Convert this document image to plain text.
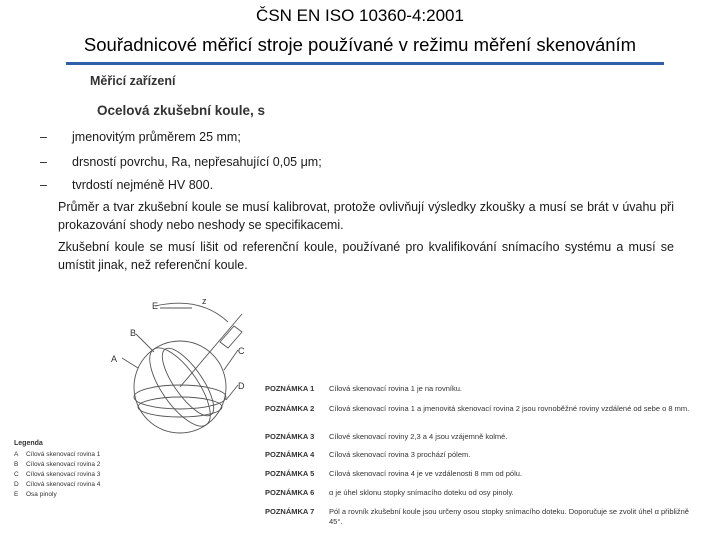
ČSN EN ISO 10360-4:2001
Souřadnicové měřicí stroje používané v režimu měření skenováním
Měřicí zařízení
Ocelová zkušební koule, s
– jmenovitým průměrem 25 mm;
– drsností povrchu, Ra, nepřesahující 0,05 μm;
– tvrdostí nejméně HV 800.
Průměr a tvar zkušební koule se musí kalibrovat, protože ovlivňují výsledky zkoušky a musí se brát v úvahu při prokazování shody nebo neshody se specifikacemi.
Zkušební koule se musí lišit od referenční koule, používané pro kvalifikování snímacího systému a musí se umístit jinak, než referenční koule.
E	z
B
A
C
D
Legenda
A Cílová skenovací rovina 1
B Cílová skenovací rovina 2
C Cílová skenovací rovina 3
D Cílová skenovací rovina 4
E Osa pinoly
POZNÁMKA 1	Cílová skenovací rovina 1 je na rovníku.
POZNÁMKA 2	Cílová skenovací rovina 1 a jmenovitá skenovací rovina 2 jsou rovnoběžné roviny vzdálené od sebe o 8 mm.
POZNÁMKA 3	Cílové skenovací roviny 2,3 a 4 jsou vzájemně kolmé.
POZNÁMKA 4	Cílová skenovací rovina 3 prochází pólem.
POZNÁMKA 5	Cílová skenovací rovina 4 je ve vzdálenosti 8 mm od pólu.
POZNÁMKA 6	α je úhel sklonu stopky snímacího doteku od osy pinoly.
POZNÁMKA 7	Pól a rovník zkušební koule jsou určeny osou stopky snímacího doteku. Doporučuje se zvolit úhel α přibližně 45°.
